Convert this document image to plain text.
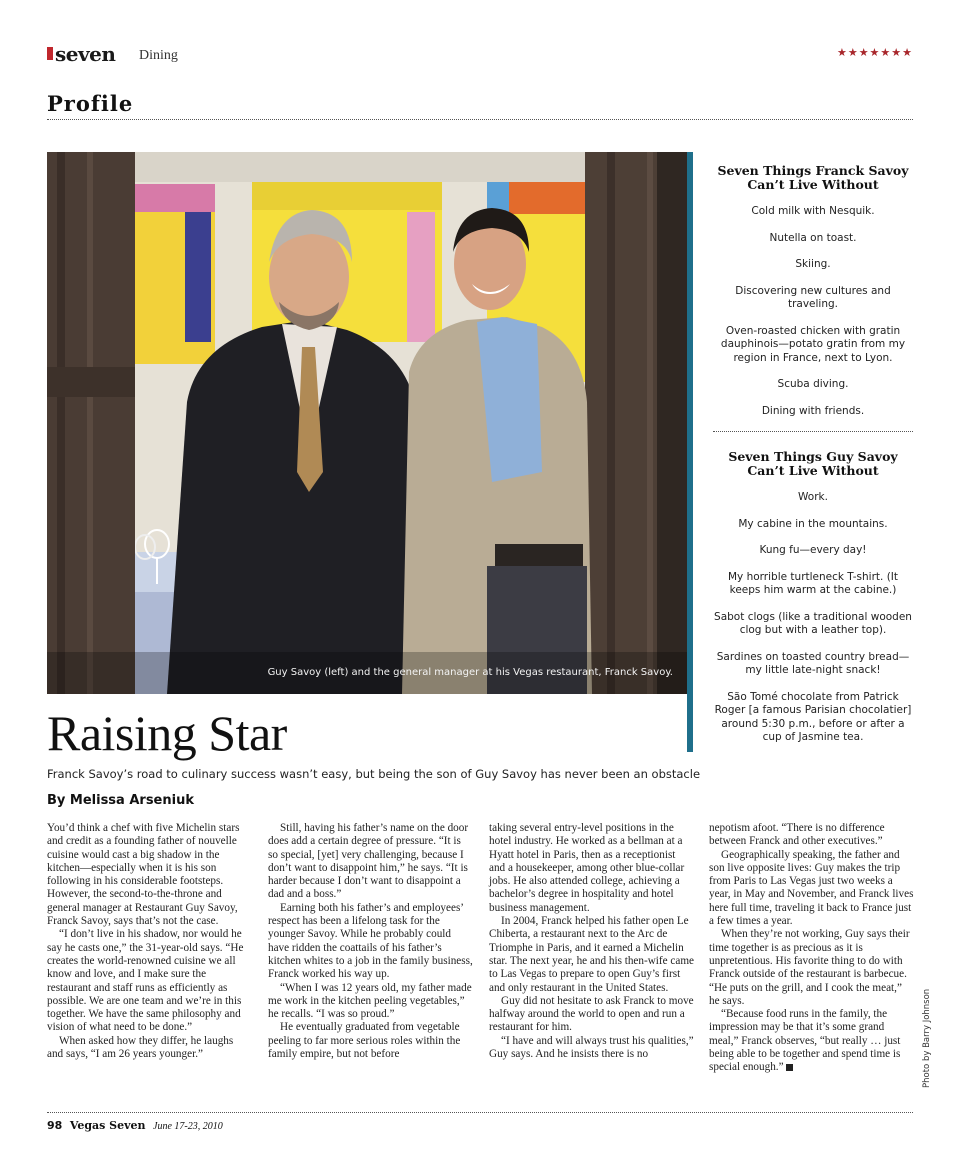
seven Dining	★★★★★★★
Profile
Guy Savoy (left) and the general manager at his Vegas restaurant, Franck Savoy.
Seven Things Franck Savoy Can’t Live Without
Cold milk with Nesquik.
Nutella on toast.
Skiing.
Discovering new cultures and traveling.
Oven-roasted chicken with gratin dauphinois—potato gratin from my region in France, next to Lyon.
Scuba diving.
Dining with friends.
Seven Things Guy Savoy Can’t Live Without
Work.
My cabine in the mountains.
Kung fu—every day!
My horrible turtleneck T-shirt. (It keeps him warm at the cabine.)
Sabot clogs (like a traditional wooden clog but with a leather top).
Sardines on toasted country bread—my little late-night snack!
São Tomé chocolate from Patrick Roger [a famous Parisian chocolatier] around 5:30 p.m., before or after a cup of Jasmine tea.
Raising Star
Franck Savoy’s road to culinary success wasn’t easy, but being the son of Guy Savoy has never been an obstacle
By Melissa Arseniuk

You’d think a chef with five Michelin stars and credit as a founding father of nouvelle cuisine would cast a big shadow in the kitchen—especially when it is his son following in his considerable footsteps. However, the second-to-the-throne and general manager at Restaurant Guy Savoy, Franck Savoy, says that’s not the case.

“I don’t live in his shadow, nor would he say he casts one,” the 31-year-old says. “He creates the world-renowned cuisine we all know and love, and I make sure the restaurant and staff runs as efficiently as possible. We are one team and we’re in this together. We have the same philosophy and vision of what need to be done.”

When asked how they differ, he laughs and says, “I am 26 years younger.”

Still, having his father’s name on the door does add a certain degree of pressure. “It is so special, [yet] very challenging, because I don’t want to disappoint him,” he says. “It is harder because I don’t want to disappoint a dad and a boss.”

Earning both his father’s and employees’ respect has been a lifelong task for the younger Savoy. While he probably could have ridden the coattails of his father’s kitchen whites to a job in the family business, Franck worked his way up.

“When I was 12 years old, my father made me work in the kitchen peeling vegetables,” he recalls. “I was so proud.”

He eventually graduated from vegetable peeling to far more serious roles within the family empire, but not before

taking several entry-level positions in the hotel industry. He worked as a bellman at a Hyatt hotel in Paris, then as a receptionist and a housekeeper, among other blue-collar jobs. He also attended college, achieving a bachelor’s degree in hospitality and hotel business management.

In 2004, Franck helped his father open Le Chiberta, a restaurant next to the Arc de Triomphe in Paris, and it earned a Michelin star. The next year, he and his then-wife came to Las Vegas to prepare to open Guy’s first and only restaurant in the United States.

Guy did not hesitate to ask Franck to move halfway around the world to open and run a restaurant for him.

“I have and will always trust his qualities,” Guy says. And he insists there is no

nepotism afoot. “There is no difference between Franck and other executives.”

Geographically speaking, the father and son live opposite lives: Guy makes the trip from Paris to Las Vegas just two weeks a year, in May and November, and Franck lives here full time, traveling it back to France just a few times a year.

When they’re not working, Guy says their time together is as precious as it is unpretentious. His favorite thing to do with Franck outside of the restaurant is barbecue. “He puts on the grill, and I cook the meat,” he says.

“Because food runs in the family, the impression may be that it’s some grand meal,” Franck observes, “but really … just being able to be together and spend time is special enough.”	Photo by Barry Johnson
98 Vegas Seven June 17-23, 2010
